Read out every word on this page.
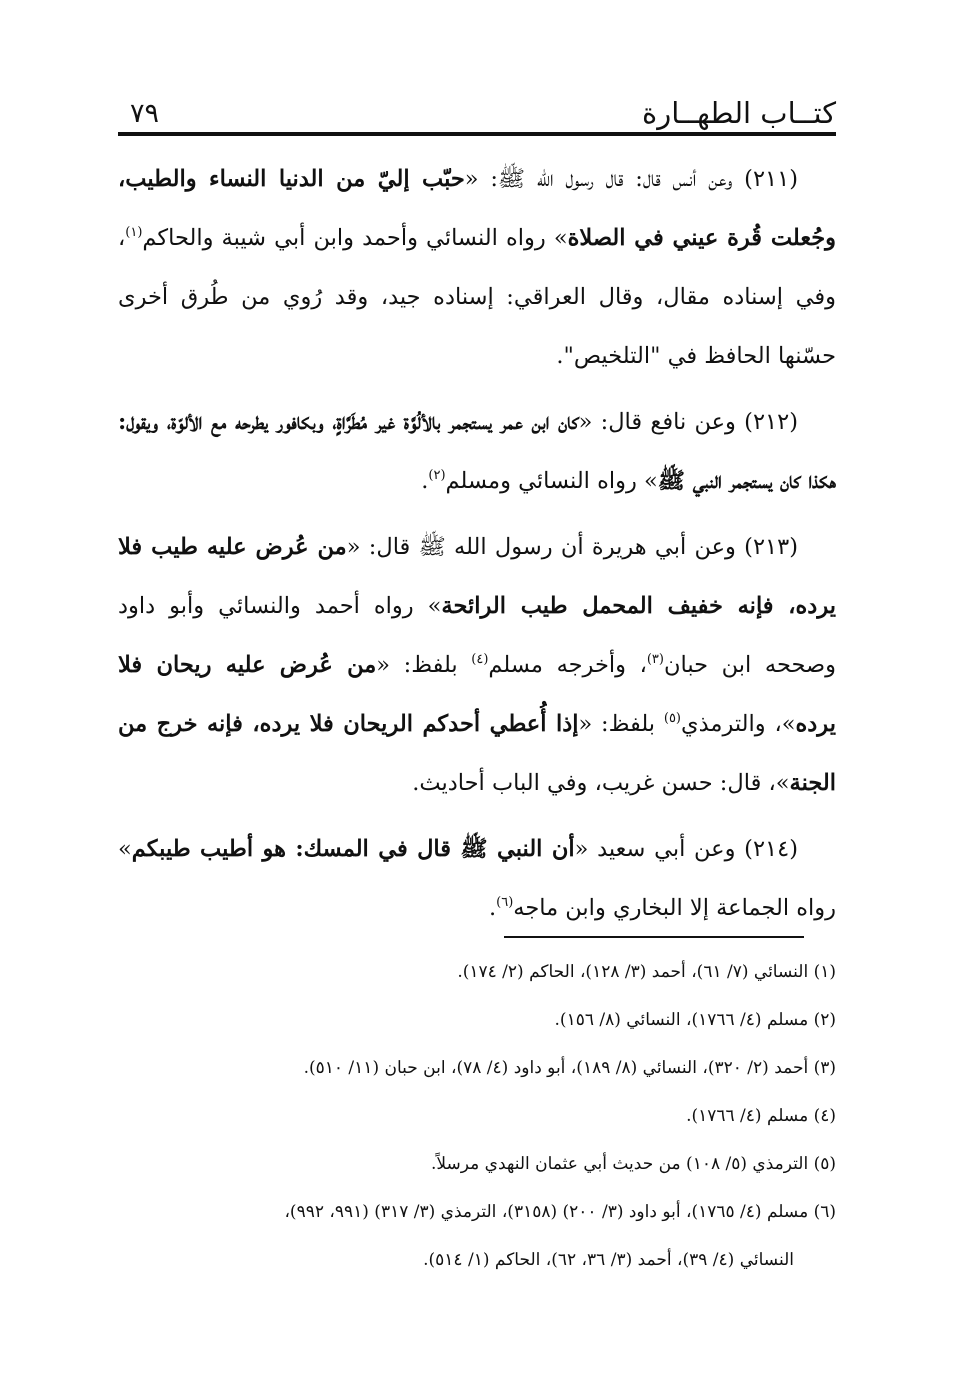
كتــاب الطهــارة
٧٩

(٢١١) وعن أنس قال: قال رسول الله ﷺ: «حبّب إليّ من الدنيا النساء والطيب، وجُعلت قُرة عيني في الصلاة» رواه النسائي وأحمد وابن أبي شيبة والحاكم$^{(١)}$، وفي إسناده مقال، وقال العراقي: إسناده جيد، وقد رُوي من طُرق أخرى حسّنها الحافظ في "التلخيص".

(٢١٢) وعن نافع قال: «كان ابن عمر يستجمر بالألُوَّة غير مُطَرَّاةٍ، وبكافور يطرحه مع الألوّة، ويقول: هكذا كان يستجمر النبي ﷺ» رواه النسائي ومسلم$^{(٢)}$.

(٢١٣) وعن أبي هريرة أن رسول الله ﷺ قال: «من عُرض عليه طيب فلا يرده، فإنه خفيف المحمل طيب الرائحة» رواه أحمد والنسائي وأبو داود وصححه ابن حبان$^{(٣)}$، وأخرجه مسلم$^{(٤)}$ بلفظ: «من عُرض عليه ريحان فلا يرده»، والترمذي$^{(٥)}$ بلفظ: «إذا أُعطي أحدكم الريحان فلا يرده، فإنه خرج من الجنة»، قال: حسن غريب، وفي الباب أحاديث.

(٢١٤) وعن أبي سعيد «أن النبي ﷺ قال في المسك: هو أطيب طيبكم» رواه الجماعة إلا البخاري وابن ماجه$^{(٦)}$.

(١) النسائي (٧/ ٦١)، أحمد (٣/ ١٢٨)، الحاكم (٢/ ١٧٤).
(٢) مسلم (٤/ ١٧٦٦)، النسائي (٨/ ١٥٦).
(٣) أحمد (٢/ ٣٢٠)، النسائي (٨/ ١٨٩)، أبو داود (٤/ ٧٨)، ابن حبان (١١/ ٥١٠).
(٤) مسلم (٤/ ١٧٦٦).
(٥) الترمذي (٥/ ١٠٨) من حديث أبي عثمان النهدي مرسلاً.
(٦) مسلم (٤/ ١٧٦٥)، أبو داود (٣/ ٢٠٠) (٣١٥٨)، الترمذي (٣/ ٣١٧) (٩٩١، ٩٩٢)،
النسائي (٤/ ٣٩)، أحمد (٣/ ٣٦، ٦٢)، الحاكم (١/ ٥١٤).
